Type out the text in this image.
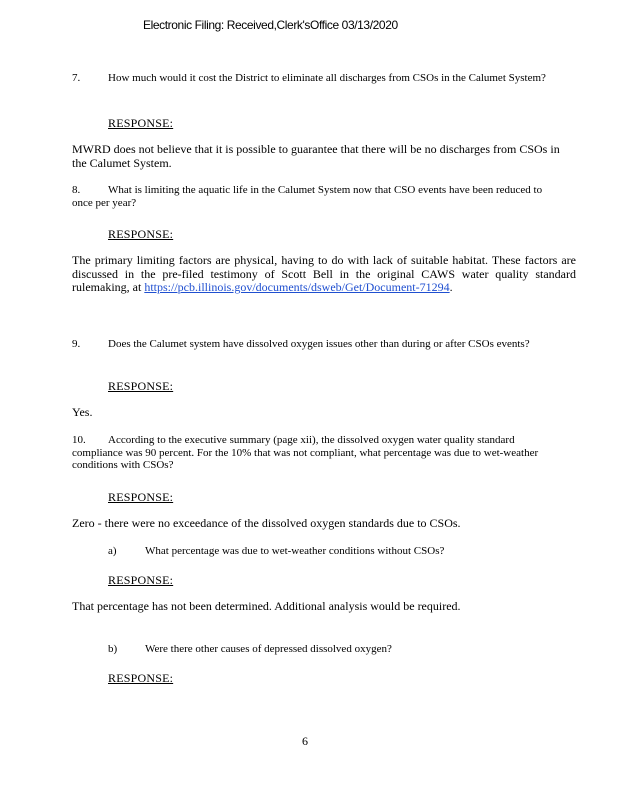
Electronic Filing: Received,Clerk'sOffice 03/13/2020
7.	How much would it cost the District to eliminate all discharges from CSOs in the Calumet System?
RESPONSE:
MWRD does not believe that it is possible to guarantee that there will be no discharges from CSOs in the Calumet System.
8.	What is limiting the aquatic life in the Calumet System now that CSO events have been reduced to once per year?
RESPONSE:
The primary limiting factors are physical, having to do with lack of suitable habitat. These factors are discussed in the pre-filed testimony of Scott Bell in the original CAWS water quality standard rulemaking, at https://pcb.illinois.gov/documents/dsweb/Get/Document-71294.
9.	Does the Calumet system have dissolved oxygen issues other than during or after CSOs events?
RESPONSE:
Yes.
10. According to the executive summary (page xii), the dissolved oxygen water quality standard compliance was 90 percent. For the 10% that was not compliant, what percentage was due to wet-weather conditions with CSOs?
RESPONSE:
Zero - there were no exceedance of the dissolved oxygen standards due to CSOs.
a)	What percentage was due to wet-weather conditions without CSOs?
RESPONSE:
That percentage has not been determined. Additional analysis would be required.
b)	Were there other causes of depressed dissolved oxygen?
RESPONSE:
6
